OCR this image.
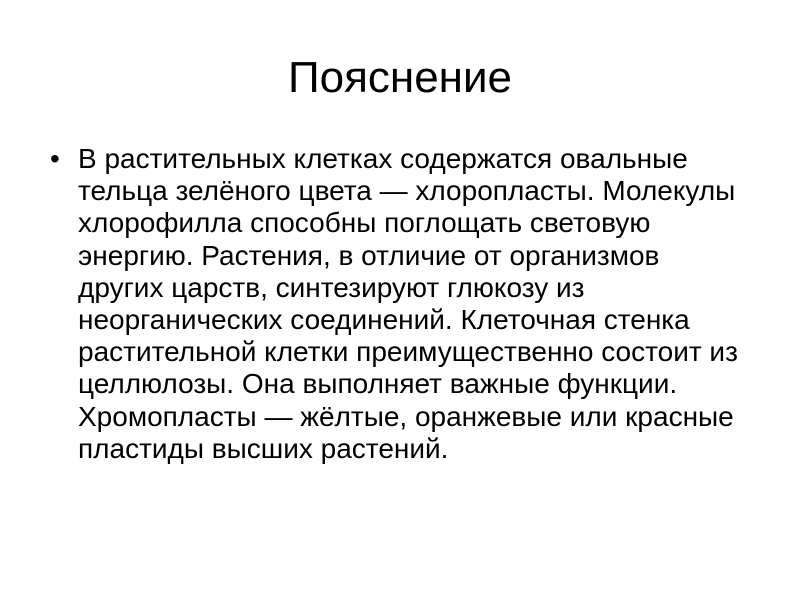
Пояснение
• В растительных клетках содержатся овальные тельца зелёного цвета — хлоропласты. Молекулы хлорофилла способны поглощать световую энергию. Растения, в отличие от организмов других царств, синтезируют глюкозу из неорганических соединений. Клеточная стенка растительной клетки преимущественно состоит из целлюлозы. Она выполняет важные функции. Хромопласты — жёлтые, оранжевые или красные пластиды высших растений.
